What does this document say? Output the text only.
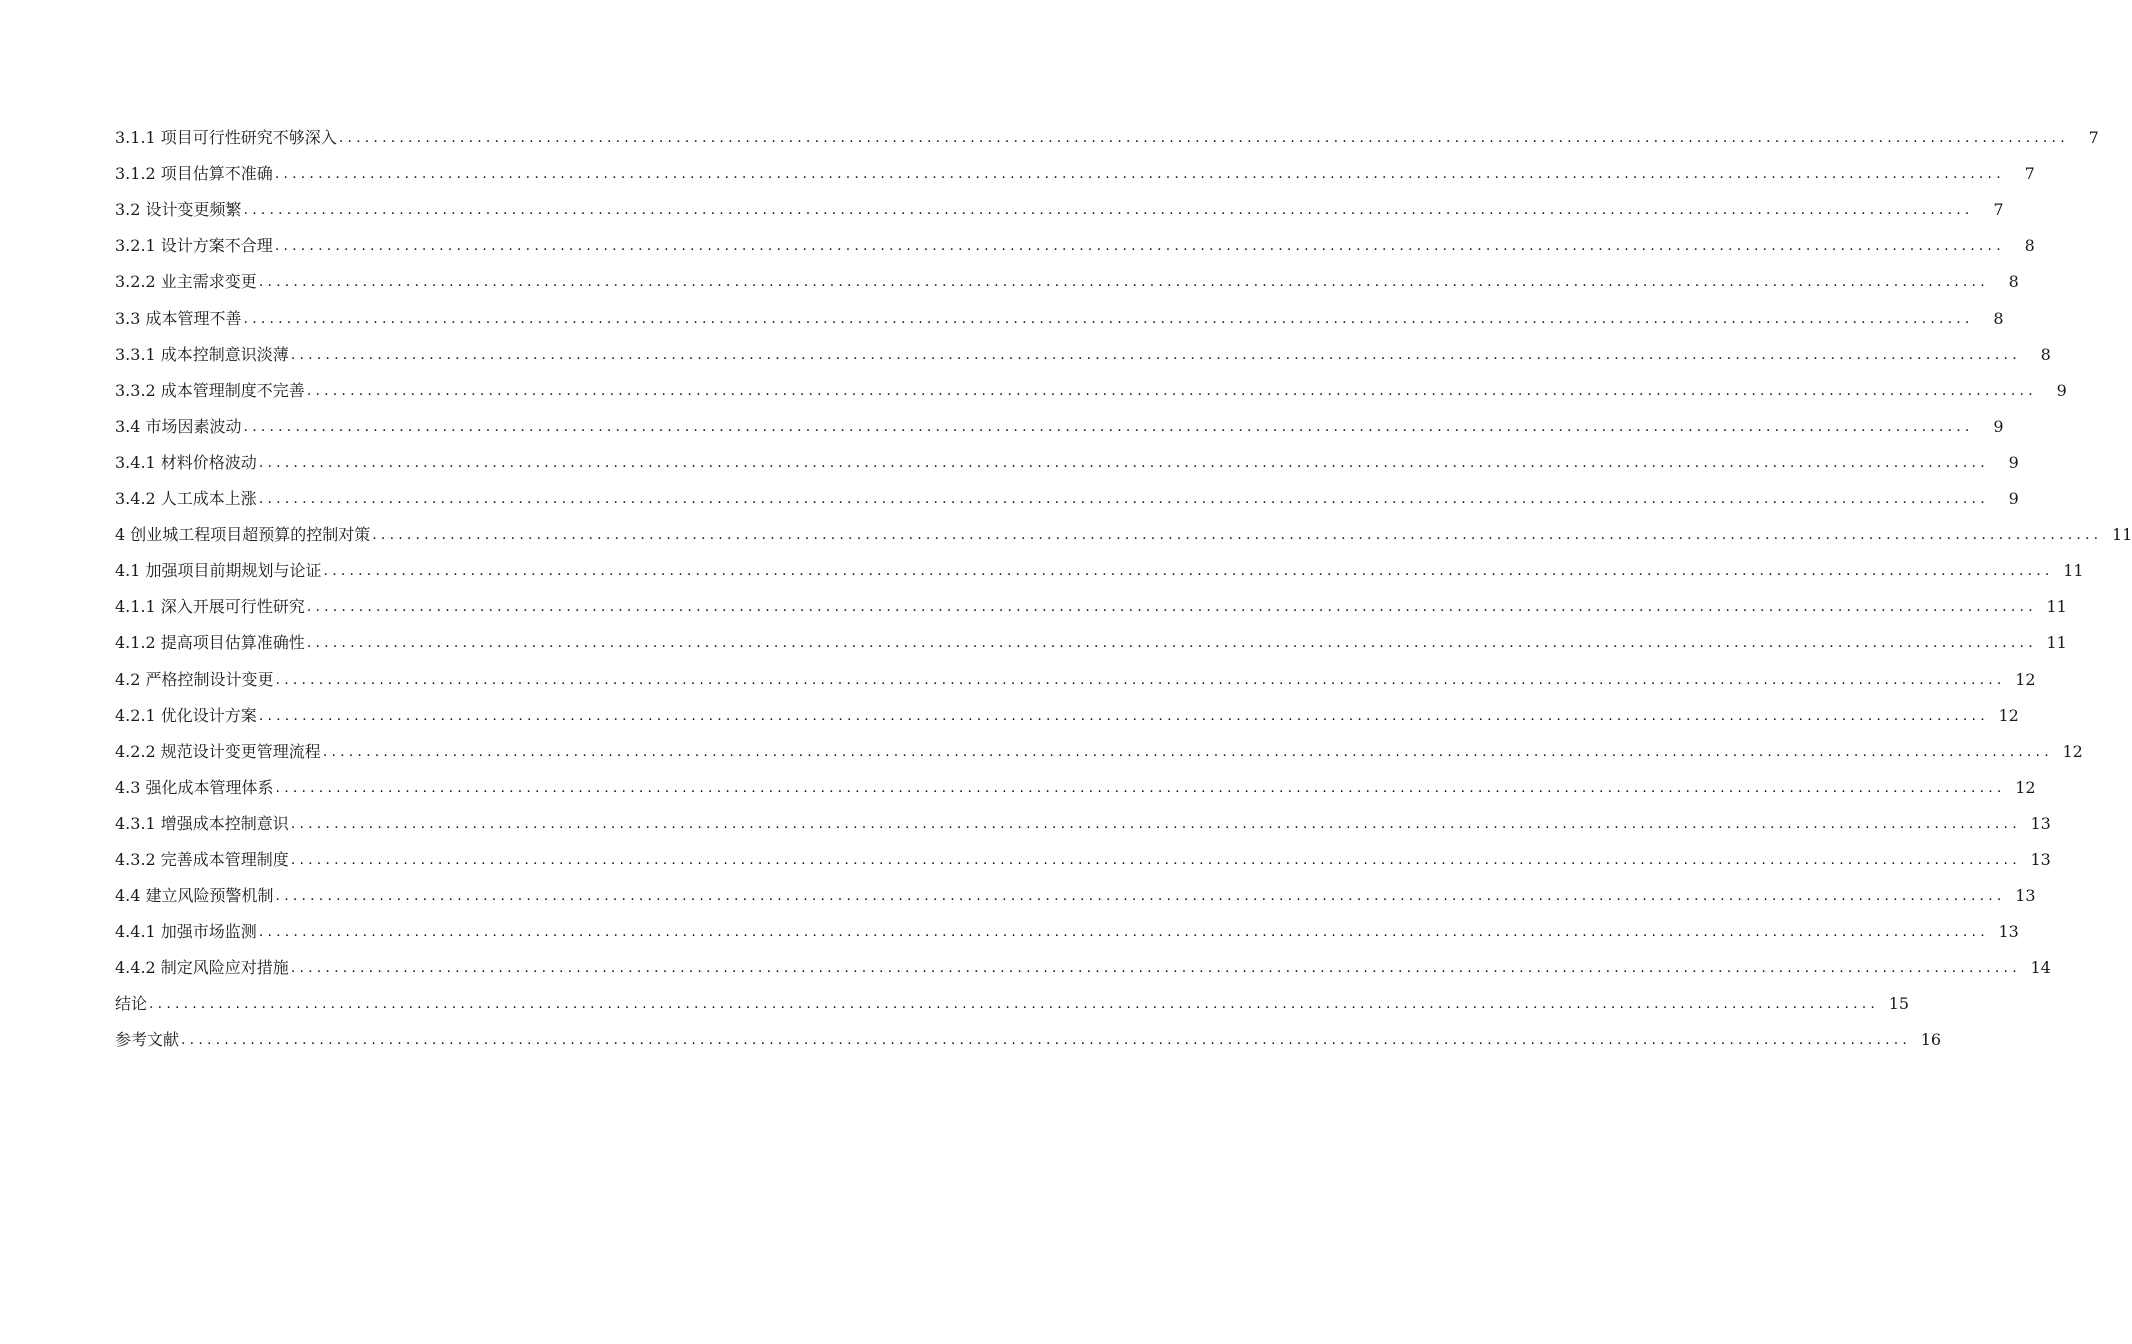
3.1.1 项目可行性研究不够深入 ........................................................................................................................................................................................................	7
3.1.2 项目估算不准确 ........................................................................................................................................................................................................	7
3.2 设计变更频繁 ........................................................................................................................................................................................................	7
3.2.1 设计方案不合理 ........................................................................................................................................................................................................	8
3.2.2 业主需求变更 ........................................................................................................................................................................................................	8
3.3 成本管理不善 ........................................................................................................................................................................................................	8
3.3.1 成本控制意识淡薄 ........................................................................................................................................................................................................	8
3.3.2 成本管理制度不完善 ........................................................................................................................................................................................................	9
3.4 市场因素波动 ........................................................................................................................................................................................................	9
3.4.1 材料价格波动 ........................................................................................................................................................................................................	9
3.4.2 人工成本上涨 ........................................................................................................................................................................................................	9
4 创业城工程项目超预算的控制对策 ........................................................................................................................................................................................................ 11
4.1 加强项目前期规划与论证 ........................................................................................................................................................................................................ 11
4.1.1 深入开展可行性研究 ........................................................................................................................................................................................................ 11
4.1.2 提高项目估算准确性 ........................................................................................................................................................................................................ 11
4.2 严格控制设计变更 ........................................................................................................................................................................................................ 12
4.2.1 优化设计方案 ........................................................................................................................................................................................................ 12
4.2.2 规范设计变更管理流程 ........................................................................................................................................................................................................ 12
4.3 强化成本管理体系 ........................................................................................................................................................................................................ 12
4.3.1 增强成本控制意识 ........................................................................................................................................................................................................ 13
4.3.2 完善成本管理制度 ........................................................................................................................................................................................................ 13
4.4 建立风险预警机制 ........................................................................................................................................................................................................ 13
4.4.1 加强市场监测 ........................................................................................................................................................................................................ 13
4.4.2 制定风险应对措施 ........................................................................................................................................................................................................ 14
结论 ........................................................................................................................................................................................................ 15
参考文献 ........................................................................................................................................................................................................ 16
